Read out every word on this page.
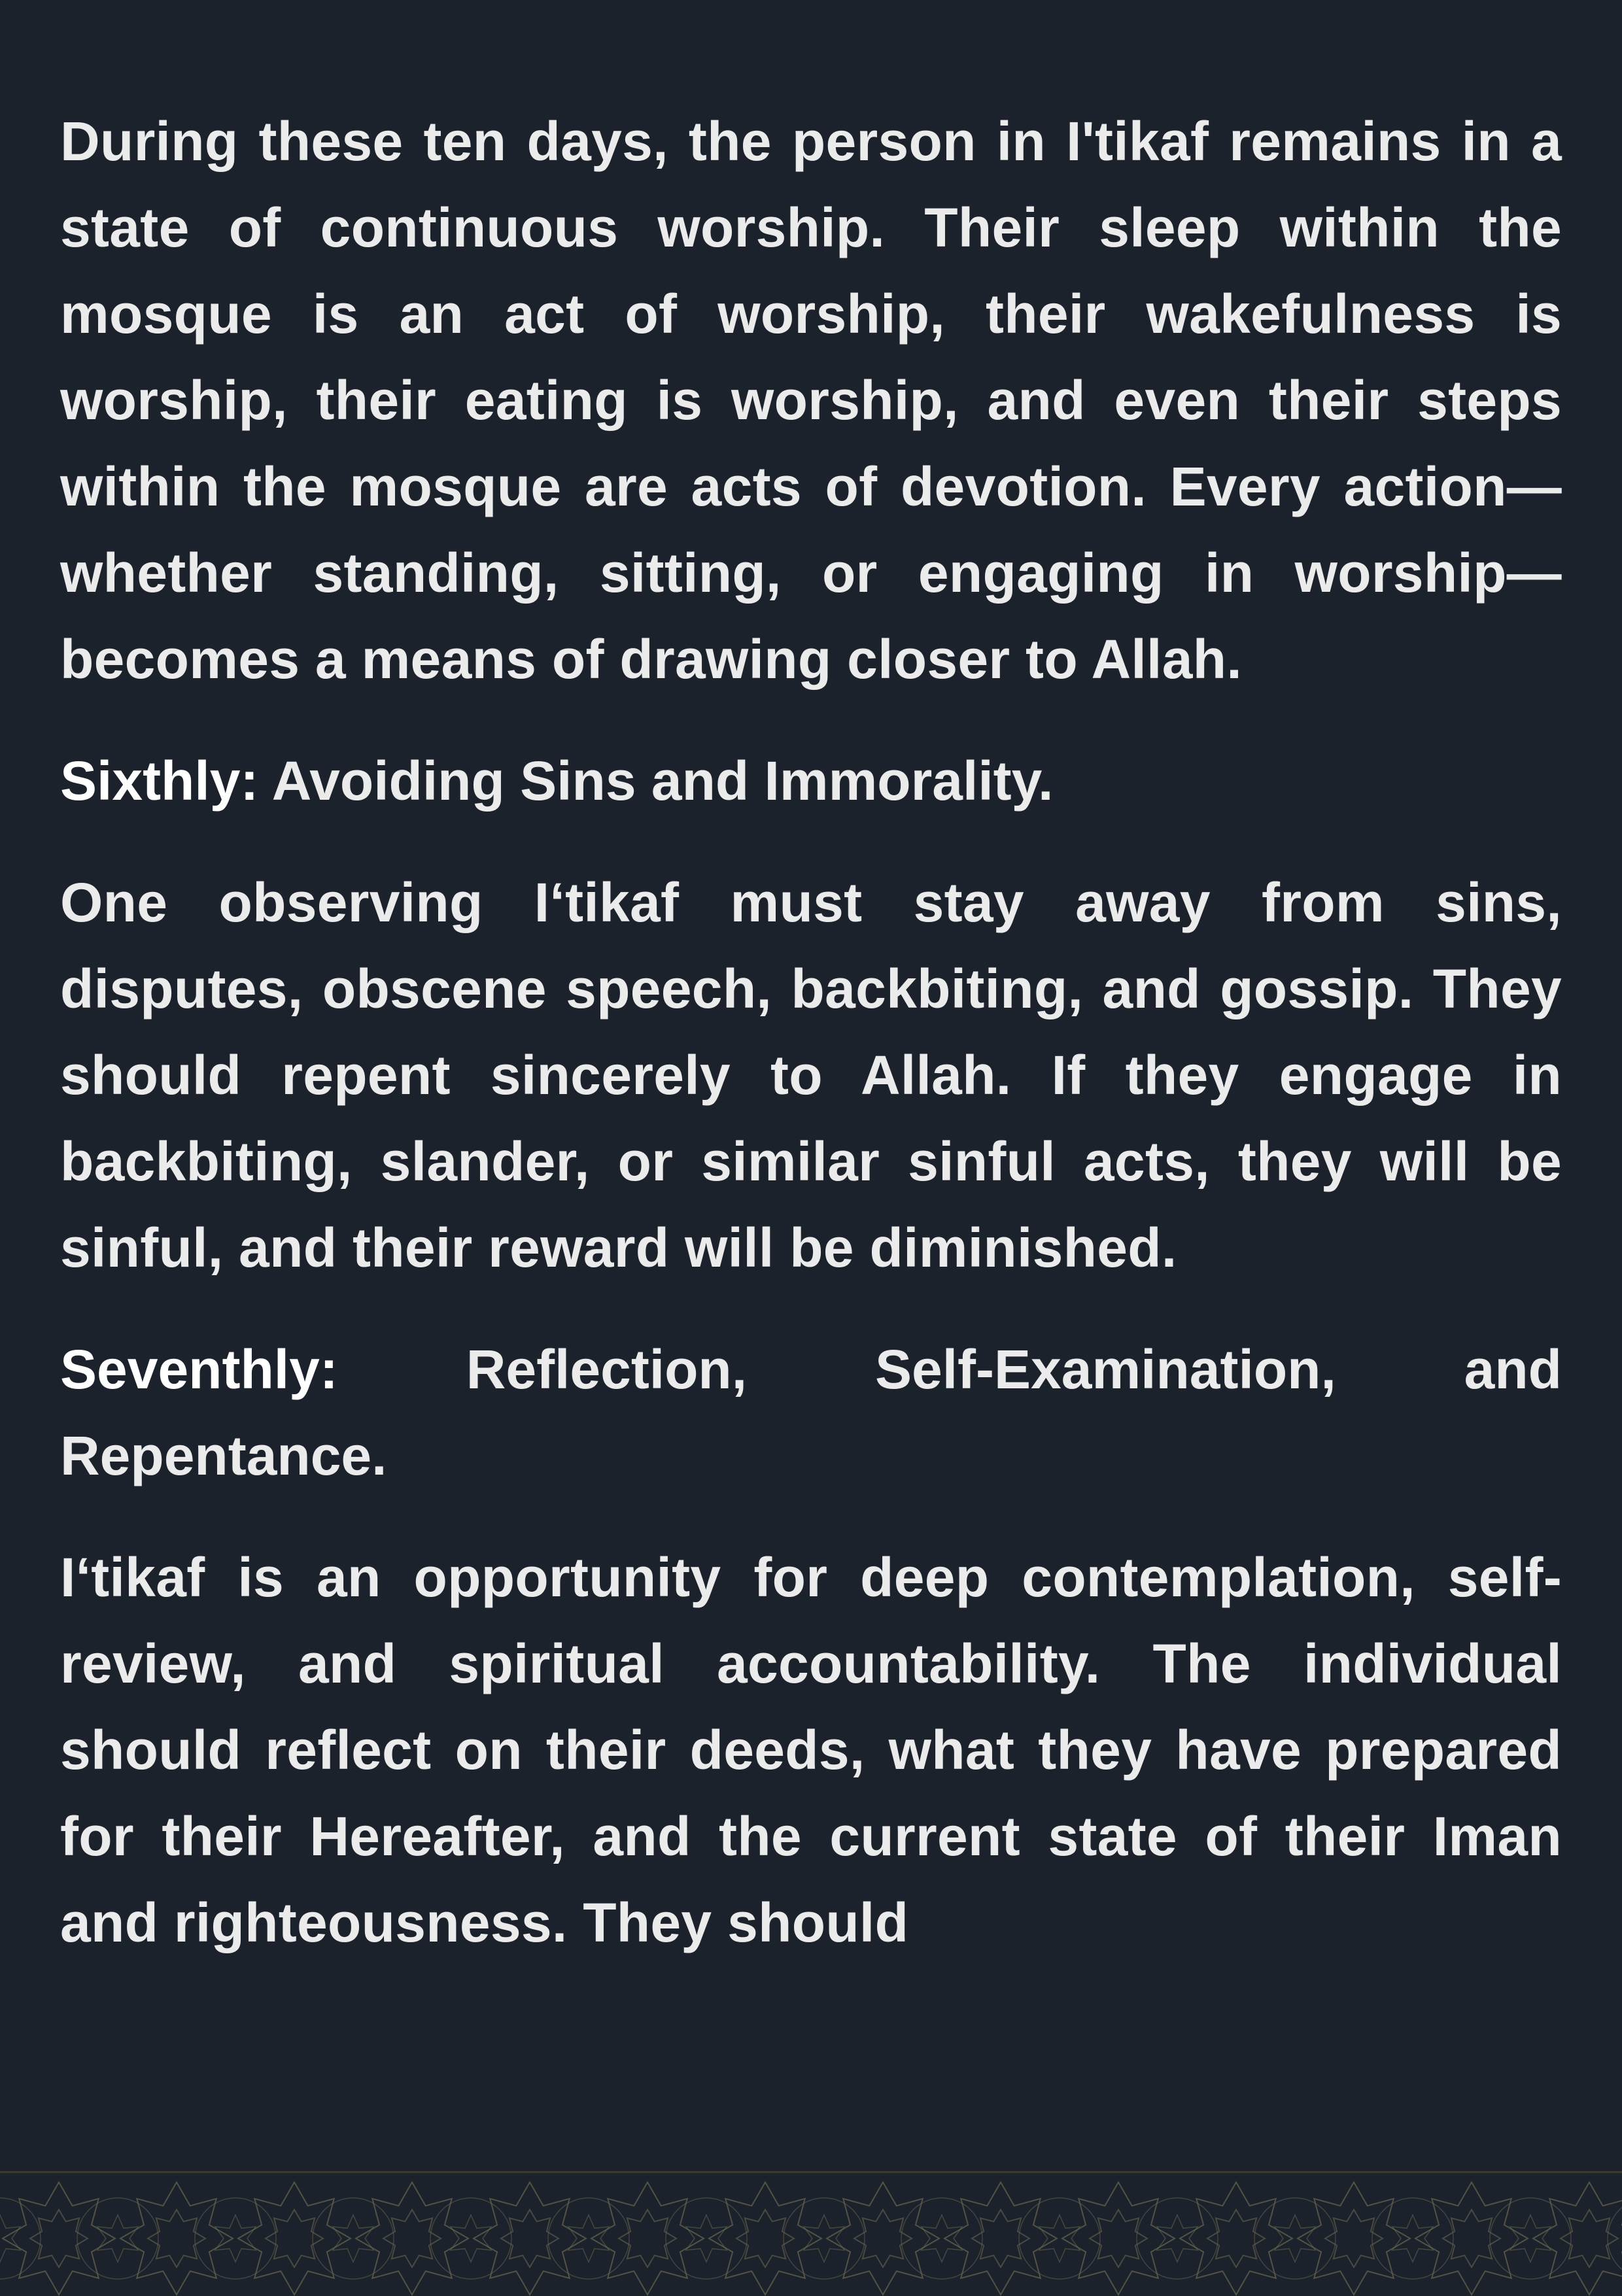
During these ten days, the person in I'tikaf remains in a state of continuous worship. Their sleep within the mosque is an act of worship, their wakefulness is worship, their eating is worship, and even their steps within the mosque are acts of devotion. Every action—whether standing, sitting, or engaging in worship—becomes a means of drawing closer to Allah.

Sixthly: Avoiding Sins and Immorality.

One observing I‘tikaf must stay away from sins, disputes, obscene speech, backbiting, and gossip. They should repent sincerely to Allah. If they engage in backbiting, slander, or similar sinful acts, they will be sinful, and their reward will be diminished.

Seventhly: Reflection, Self-Examination, and Repentance.

I‘tikaf is an opportunity for deep contemplation, self-review, and spiritual accountability. The individual should reflect on their deeds, what they have prepared for their Hereafter, and the current state of their Iman and righteousness. They should
